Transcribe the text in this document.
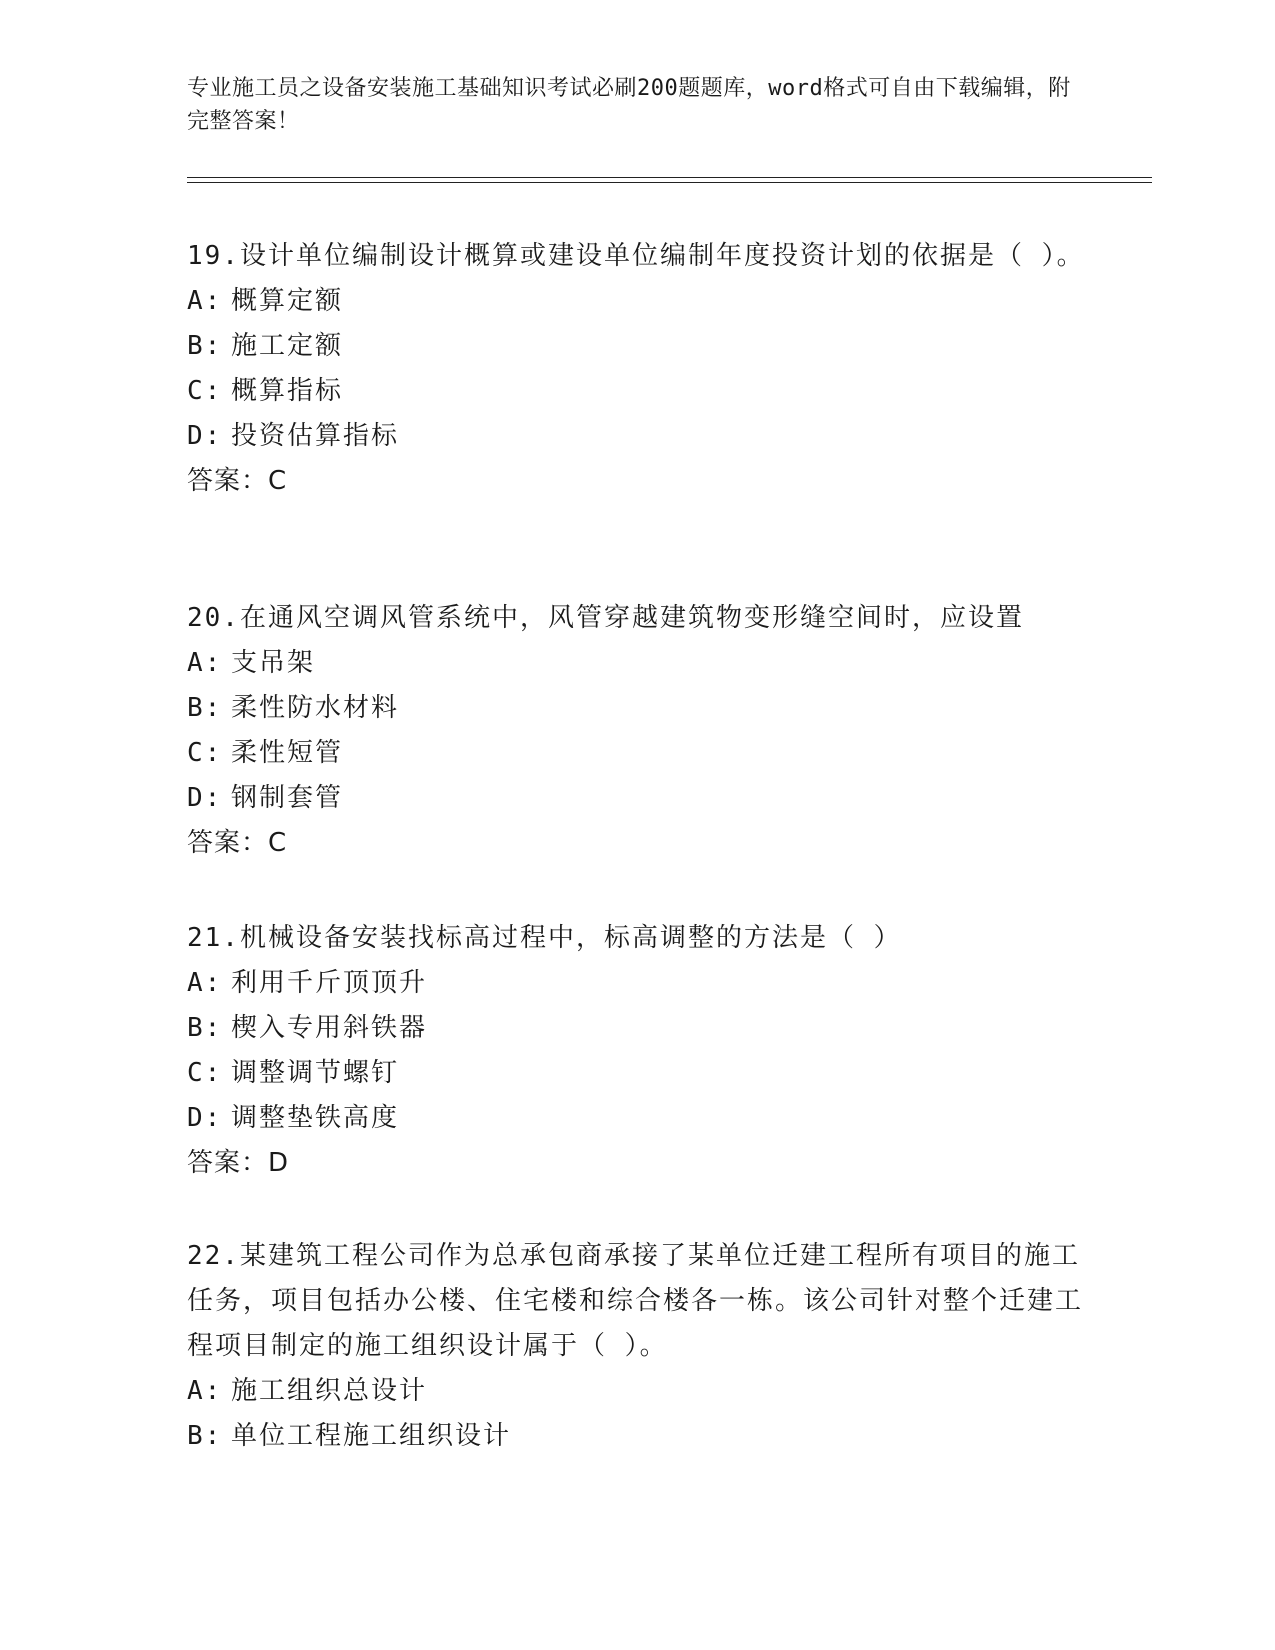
专业施工员之设备安装施工基础知识考试必刷200题题库，word格式可自由下载编辑，附完整答案！

19.设计单位编制设计概算或建设单位编制年度投资计划的依据是（ ）。

A: 概算定额

B: 施工定额

C: 概算指标

D: 投资估算指标

答案：C

20.在通风空调风管系统中，风管穿越建筑物变形缝空间时，应设置

A: 支吊架

B: 柔性防水材料

C: 柔性短管

D: 钢制套管

答案：C

21.机械设备安装找标高过程中，标高调整的方法是（ ）

A: 利用千斤顶顶升

B: 楔入专用斜铁器

C: 调整调节螺钉

D: 调整垫铁高度

答案：D

22.某建筑工程公司作为总承包商承接了某单位迁建工程所有项目的施工任务，项目包括办公楼、住宅楼和综合楼各一栋。该公司针对整个迁建工程项目制定的施工组织设计属于（ ）。

A: 施工组织总设计

B: 单位工程施工组织设计
